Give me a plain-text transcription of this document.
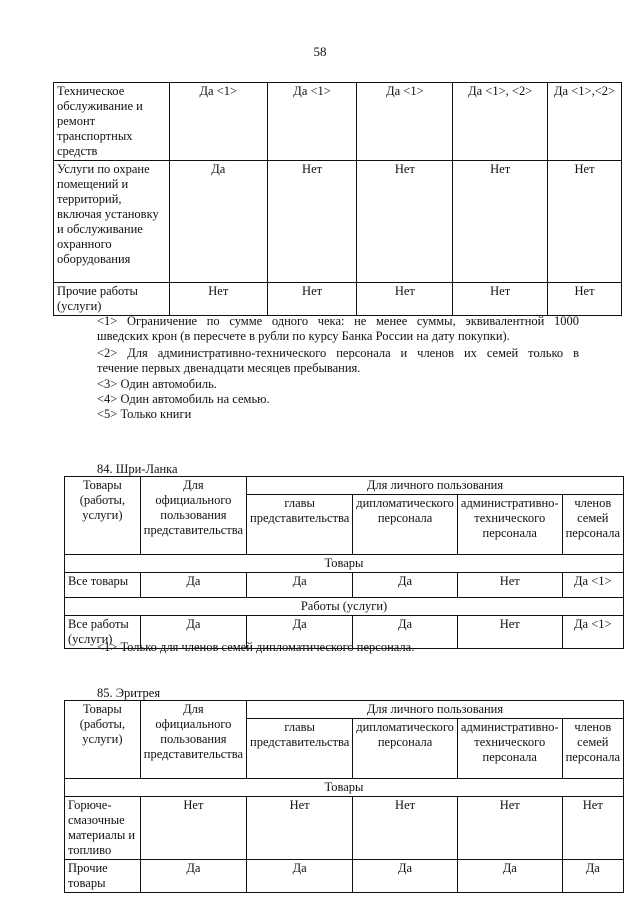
58
Техническое обслуживание и ремонт транспортных средств	Да <1>	Да <1>	Да <1>	Да <1>, <2>	Да <1>,<2>
Услуги по охране помещений и территорий, включая установку и обслуживание охранного оборудования	Да	Нет	Нет	Нет	Нет
Прочие работы (услуги)	Нет	Нет	Нет	Нет	Нет
<1> Ограничение по сумме одного чека: не менее суммы, эквивалентной 1000
шведских крон (в пересчете в рубли по курсу Банка России на дату покупки).
<2> Для административно-технического персонала и членов их семей только в
течение первых двенадцати месяцев пребывания.
<3> Один автомобиль.
<4> Один автомобиль на семью.
<5> Только книги
84. Шри-Ланка
Товары (работы, услуги)	Для официального пользования представительства	Для личного пользования			
		главы представительства	дипломатического персонала	административно-технического персонала	членов семей персонала
Товары					
Все товары	Да	Да	Да	Нет	Да <1>
Работы (услуги)					
Все работы (услуги)	Да	Да	Да	Нет	Да <1>
<1> Только для членов семей дипломатического персонала.
85. Эритрея
Товары (работы, услуги)	Для официального пользования представительства	Для личного пользования			
		главы представительства	дипломатического персонала	административно-технического персонала	членов семей персонала
Товары					
Горюче-смазочные материалы и топливо	Нет	Нет	Нет	Нет	Нет
Прочие товары	Да	Да	Да	Да	Да
